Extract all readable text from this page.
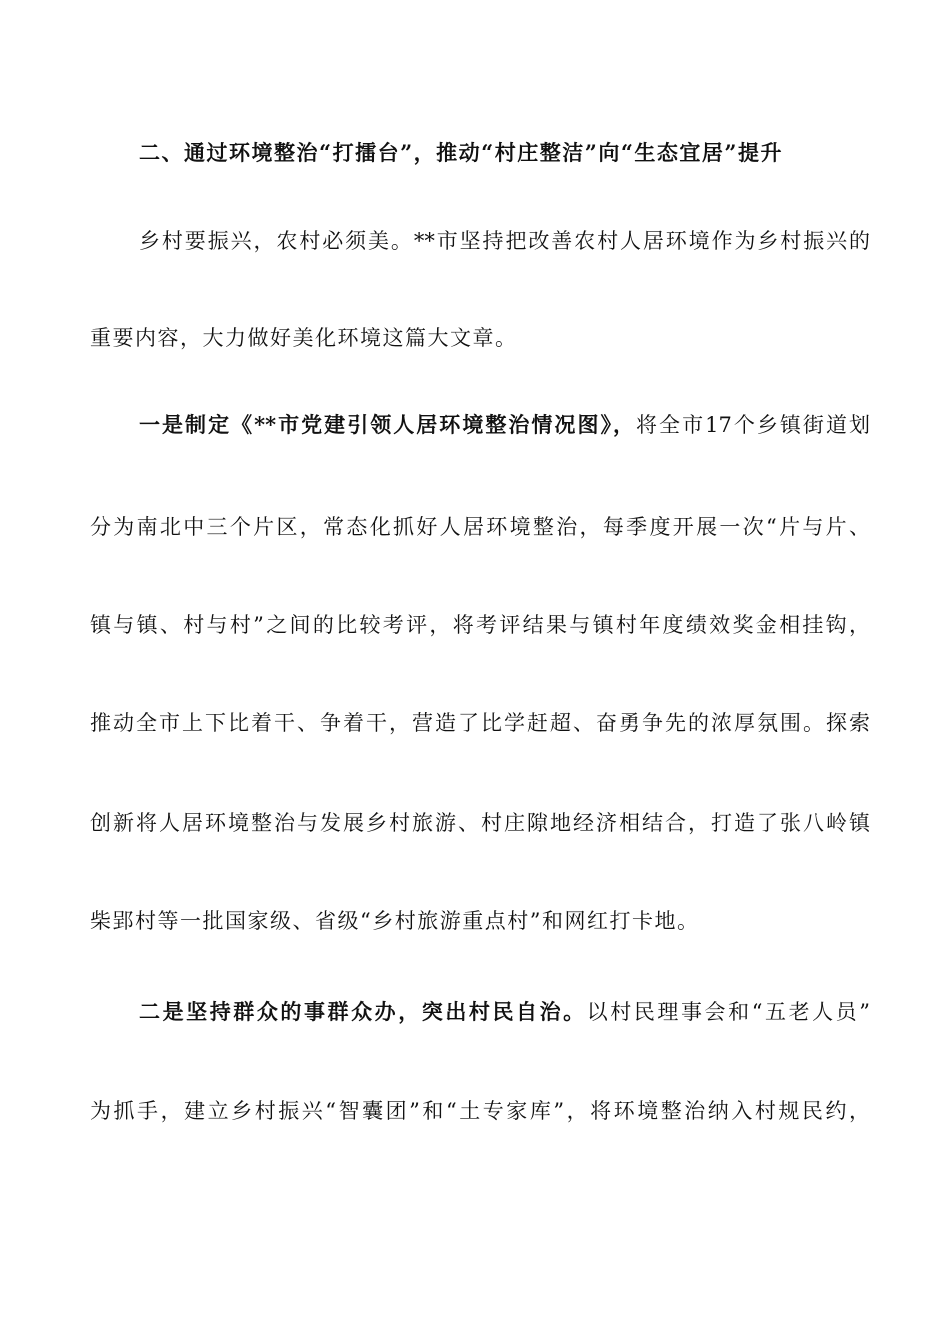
二、通过环境整治“打擂台”，推动“村庄整洁”向“生态宜居”提升
乡村要振兴，农村必须美。**市坚持把改善农村人居环境作为乡村振兴的
重要内容，大力做好美化环境这篇大文章。
一是制定《**市党建引领人居环境整治情况图》，将全市17个乡镇街道划
分为南北中三个片区，常态化抓好人居环境整治，每季度开展一次“片与片、
镇与镇、村与村”之间的比较考评，将考评结果与镇村年度绩效奖金相挂钩，
推动全市上下比着干、争着干，营造了比学赶超、奋勇争先的浓厚氛围。探索
创新将人居环境整治与发展乡村旅游、村庄隙地经济相结合，打造了张八岭镇
柴郢村等一批国家级、省级“乡村旅游重点村”和网红打卡地。
二是坚持群众的事群众办，突出村民自治。以村民理事会和“五老人员”
为抓手，建立乡村振兴“智囊团”和“土专家库”，将环境整治纳入村规民约，
